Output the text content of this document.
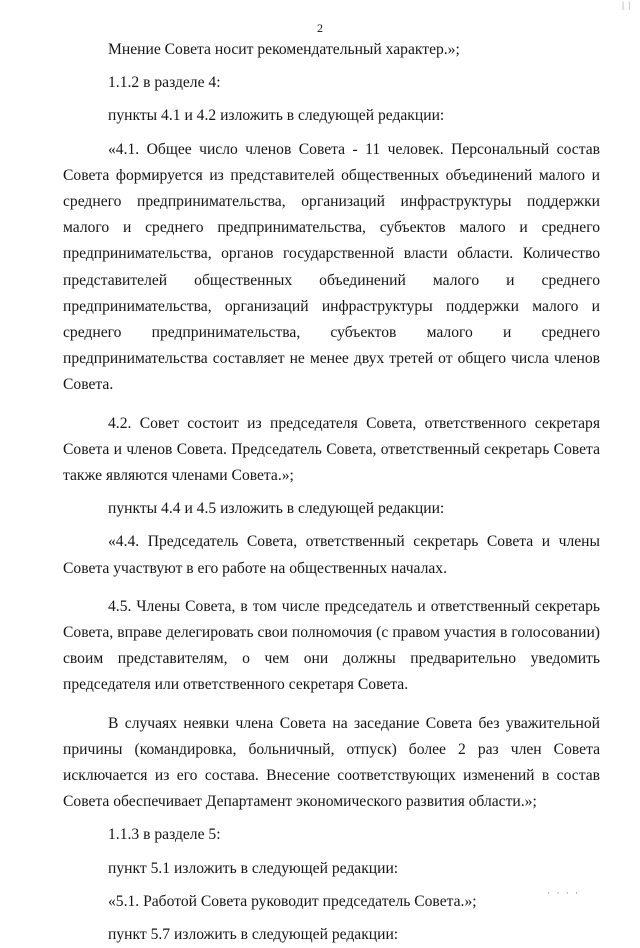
| |
2

Мнение Совета носит рекомендательный характер.»;

1.1.2 в разделе 4:

пункты 4.1 и 4.2 изложить в следующей редакции:

«4.1. Общее число членов Совета - 11 человек. Персональный состав Совета формируется из представителей общественных объединений малого и среднего предпринимательства, организаций инфраструктуры поддержки малого и среднего предпринимательства, субъектов малого и среднего предпринимательства, органов государственной власти области. Количество представителей общественных объединений малого и среднего предпринимательства, организаций инфраструктуры поддержки малого и среднего предпринимательства, субъектов малого и среднего предпринимательства составляет не менее двух третей от общего числа членов Совета.

4.2. Совет состоит из председателя Совета, ответственного секретаря Совета и членов Совета. Председатель Совета, ответственный секретарь Совета также являются членами Совета.»;

пункты 4.4 и 4.5 изложить в следующей редакции:

«4.4. Председатель Совета, ответственный секретарь Совета и члены Совета участвуют в его работе на общественных началах.

4.5. Члены Совета, в том числе председатель и ответственный секретарь Совета, вправе делегировать свои полномочия (с правом участия в голосовании) своим представителям, о чем они должны предварительно уведомить председателя или ответственного секретаря Совета.

В случаях неявки члена Совета на заседание Совета без уважительной причины (командировка, больничный, отпуск) более 2 раз член Совета исключается из его состава. Внесение соответствующих изменений в состав Совета обеспечивает Департамент экономического развития области.»;

1.1.3 в разделе 5:

пункт 5.1 изложить в следующей редакции:

«5.1. Работой Совета руководит председатель Совета.»;

пункт 5.7 изложить в следующей редакции:

· · · ·
